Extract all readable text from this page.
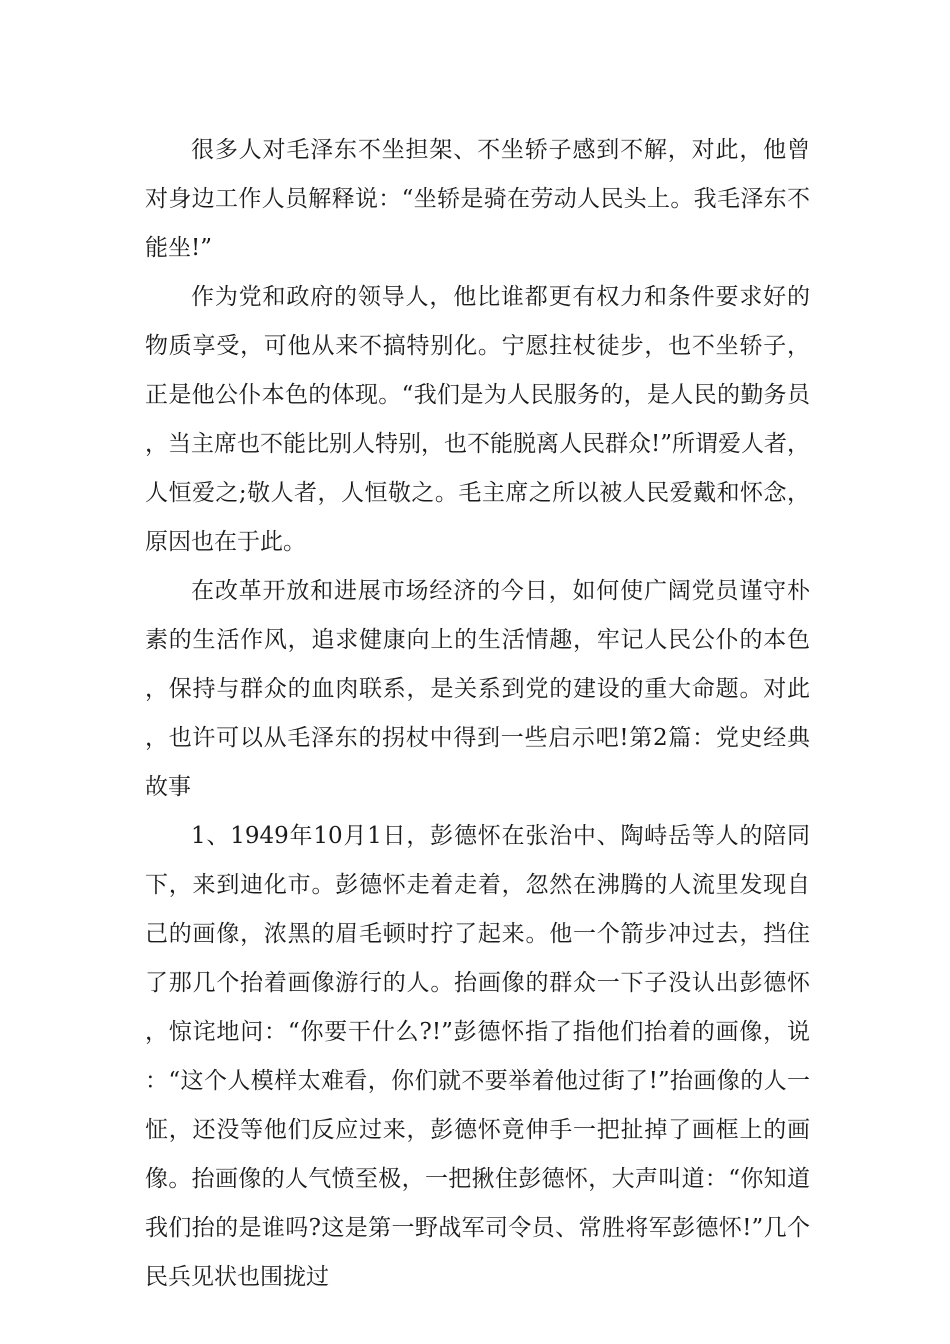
很多人对毛泽东不坐担架、不坐轿子感到不解，对此，他曾对身边工作人员解释说：“坐轿是骑在劳动人民头上。我毛泽东不能坐!”

作为党和政府的领导人，他比谁都更有权力和条件要求好的物质享受，可他从来不搞特别化。宁愿拄杖徒步，也不坐轿子，正是他公仆本色的体现。“我们是为人民服务的，是人民的勤务员，当主席也不能比别人特别，也不能脱离人民群众!”所谓爱人者，人恒爱之;敬人者，人恒敬之。毛主席之所以被人民爱戴和怀念，原因也在于此。

在改革开放和进展市场经济的今日，如何使广阔党员谨守朴素的生活作风，追求健康向上的生活情趣，牢记人民公仆的本色，保持与群众的血肉联系，是关系到党的建设的重大命题。对此，也许可以从毛泽东的拐杖中得到一些启示吧!第2篇：党史经典故事

1、1949年10月1日，彭德怀在张治中、陶峙岳等人的陪同下，来到迪化市。彭德怀走着走着，忽然在沸腾的人流里发现自己的画像，浓黑的眉毛顿时拧了起来。他一个箭步冲过去，挡住了那几个抬着画像游行的人。抬画像的群众一下子没认出彭德怀，惊诧地问：“你要干什么?!”彭德怀指了指他们抬着的画像，说：“这个人模样太难看，你们就不要举着他过街了!”抬画像的人一怔，还没等他们反应过来，彭德怀竟伸手一把扯掉了画框上的画像。抬画像的人气愤至极，一把揪住彭德怀，大声叫道：“你知道我们抬的是谁吗?这是第一野战军司令员、常胜将军彭德怀!”几个民兵见状也围拢过
